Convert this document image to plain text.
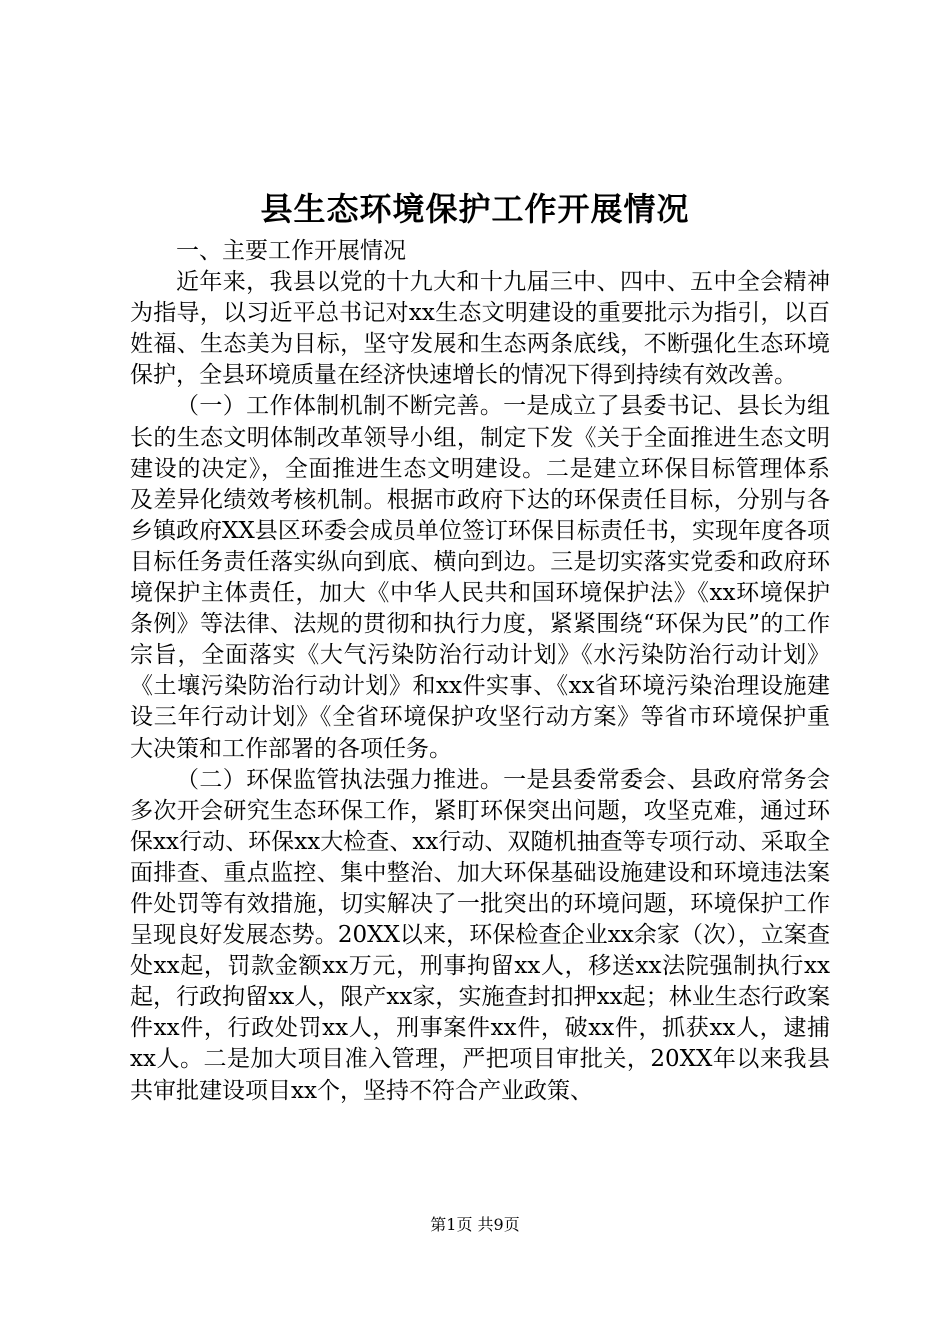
县生态环境保护工作开展情况

一、主要工作开展情况

近年来，我县以党的十九大和十九届三中、四中、五中全会精神为指导，以习近平总书记对xx生态文明建设的重要批示为指引，以百姓福、生态美为目标，坚守发展和生态两条底线，不断强化生态环境保护，全县环境质量在经济快速增长的情况下得到持续有效改善。

（一）工作体制机制不断完善。一是成立了县委书记、县长为组长的生态文明体制改革领导小组，制定下发《关于全面推进生态文明建设的决定》，全面推进生态文明建设。二是建立环保目标管理体系及差异化绩效考核机制。根据市政府下达的环保责任目标，分别与各乡镇政府XX县区环委会成员单位签订环保目标责任书，实现年度各项目标任务责任落实纵向到底、横向到边。三是切实落实党委和政府环境保护主体责任，加大《中华人民共和国环境保护法》《xx环境保护条例》等法律、法规的贯彻和执行力度，紧紧围绕“环保为民”的工作宗旨，全面落实《大气污染防治行动计划》《水污染防治行动计划》《土壤污染防治行动计划》和xx件实事、《xx省环境污染治理设施建设三年行动计划》《全省环境保护攻坚行动方案》等省市环境保护重大决策和工作部署的各项任务。

（二）环保监管执法强力推进。一是县委常委会、县政府常务会多次开会研究生态环保工作，紧盯环保突出问题，攻坚克难，通过环保xx行动、环保xx大检查、xx行动、双随机抽查等专项行动、采取全面排查、重点监控、集中整治、加大环保基础设施建设和环境违法案件处罚等有效措施，切实解决了一批突出的环境问题，环境保护工作呈现良好发展态势。20XX以来，环保检查企业xx余家（次），立案查处xx起，罚款金额xx万元，刑事拘留xx人，移送xx法院强制执行xx起，行政拘留xx人，限产xx家，实施查封扣押xx起；林业生态行政案件xx件，行政处罚xx人，刑事案件xx件，破xx件，抓获xx人，逮捕xx人。二是加大项目准入管理，严把项目审批关，20XX年以来我县共审批建设项目xx个，坚持不符合产业政策、

第1页 共9页
